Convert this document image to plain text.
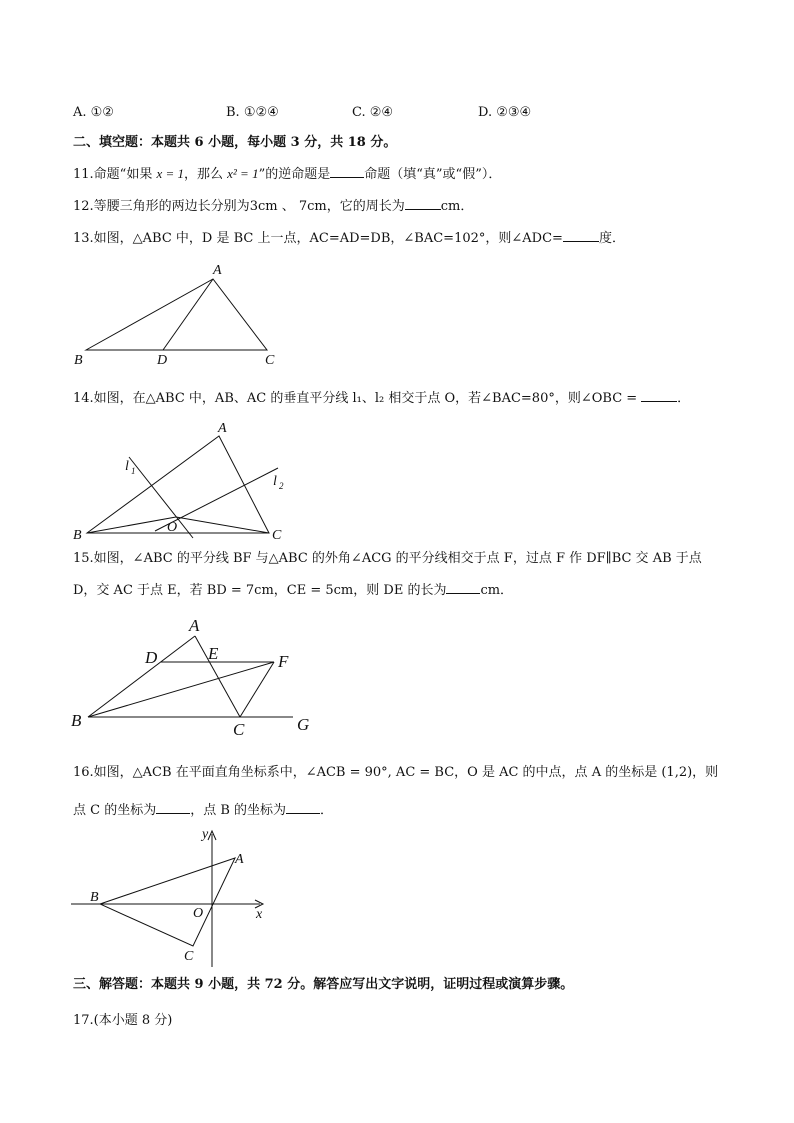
A. ①②	B. ①②④	C. ②④	D. ②③④
二、填空题：本题共 6 小题，每小题 3 分，共 18 分。
11.命题“如果 x = 1，那么 x² = 1”的逆命题是	命题（填“真”或“假”）．
12.等腰三角形的两边长分别为3cm 、 7cm，它的周长为	cm．
13.如图，△ABC 中，D 是 BC 上一点，AC=AD=DB，∠BAC=102°，则∠ADC=	度．
A
B	D	C
14.如图，在△ABC 中，AB、AC 的垂直平分线 l₁、l₂ 相交于点 O，若∠BAC=80°，则∠OBC =	．
A
B	C
O
l 1
l 2
15.如图，∠ABC 的平分线 BF 与△ABC 的外角∠ACG 的平分线相交于点 F，过点 F 作 DF∥BC 交 AB 于点
D，交 AC 于点 E，若 BD = 7cm，CE = 5cm，则 DE 的长为	cm．
A
B	C
D	E	F
G
16.如图，△ACB 在平面直角坐标系中，∠ACB = 90°, AC = BC，O 是 AC 的中点，点 A 的坐标是 (1,2)，则
点 C 的坐标为	，点 B 的坐标为	．
A
B
C
O	x
y
三、解答题：本题共 9 小题，共 72 分。解答应写出文字说明，证明过程或演算步骤。
17.(本小题 8 分)
